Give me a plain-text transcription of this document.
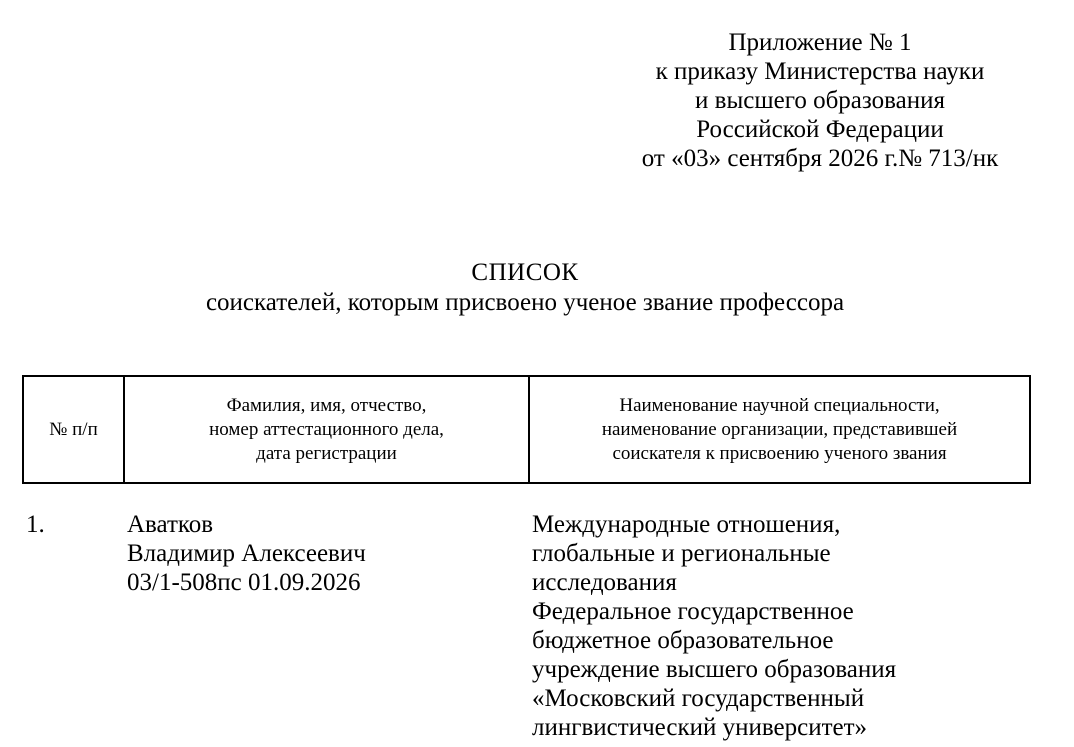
Приложение № 1
к приказу Министерства науки
и высшего образования
Российской Федерации
от «03» сентября 2026 г.№ 713/нк
СПИСОК
соискателей, которым присвоено ученое звание профессора
№ п/п
Фамилия, имя, отчество,
номер аттестационного дела,
дата регистрации
Наименование научной специальности,
наименование организации, представившей
соискателя к присвоению ученого звания
1.	Аватков
Владимир Алексеевич
03/1-508пс 01.09.2026
Международные отношения,
глобальные и региональные
исследования
Федеральное государственное
бюджетное образовательное
учреждение высшего образования
«Московский государственный
лингвистический университет»
